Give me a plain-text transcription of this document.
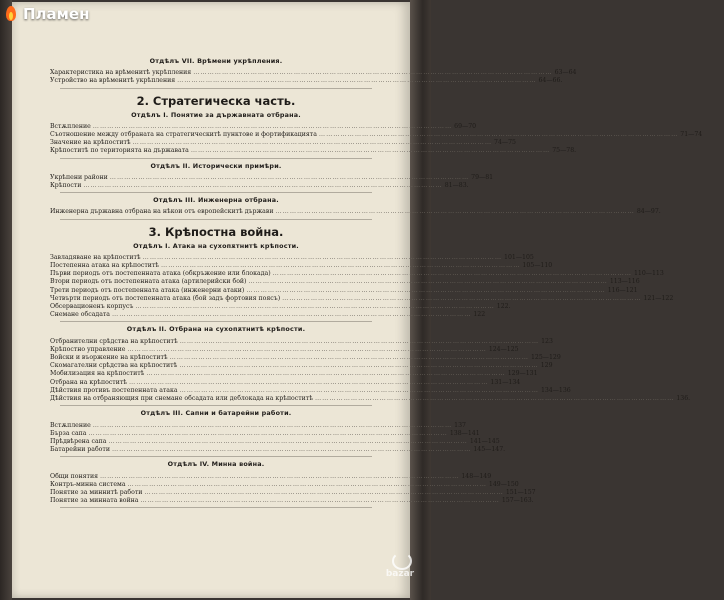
Пламен
Отдѣлъ VII. Врѣмени укрѣпления.
Характеристика на врѣменитѣ укрѣпления ……………………………………………………………………………………………………………………………………	63—64
Устройство на врѣменитѣ укрѣпления ……………………………………………………………………………………………………………………………………	64—66.
2. Стратегическа часть.
Отдѣлъ I. Понятие за държавната отбрана.
Встѫпление ……………………………………………………………………………………………………………………………………	69—70
Съотношение между отбраната на стратегическитѣ пунктове и фортификацията ……………………………………………………………………………………………………………………………………	71—74
Значение на крѣпоститѣ ……………………………………………………………………………………………………………………………………	74—75
Крѣпоститѣ по територията на държавата ……………………………………………………………………………………………………………………………………	75—78.
Отдѣлъ II. Исторически примѣри.
Укрѣпени райони ……………………………………………………………………………………………………………………………………	79—81
Крѣпости ……………………………………………………………………………………………………………………………………	81—83.
Отдѣлъ III. Инженерна отбрана.
Инженерна държавна отбрана на нѣкои отъ европейскитѣ държави ……………………………………………………………………………………………………………………………………	84—97.
3. Крѣпостна война.
Отдѣлъ I. Атака на сухопѫтнитѣ крѣпости.
Завладяване на крѣпоститѣ ……………………………………………………………………………………………………………………………………	101—105
Постепенна атака на крѣпоститѣ ……………………………………………………………………………………………………………………………………	105—110
Първи периодъ отъ постепенната атака (обкръжение или блокада) ……………………………………………………………………………………………………………………………………	110—113
Втори периодъ отъ постепенната атака (артилерийски бой) ……………………………………………………………………………………………………………………………………	113—116
Трети периодъ отъ постепенната атака (инженерни атаки) ……………………………………………………………………………………………………………………………………	116—121
Четвърти периодъ отъ постепенната атака (бой задъ фортовия поясъ) ……………………………………………………………………………………………………………………………………	121—122
Обсервационенъ корпусъ ……………………………………………………………………………………………………………………………………	122.
Снемане обсадата ……………………………………………………………………………………………………………………………………	122
Отдѣлъ II. Отбрана на сухопѫтнитѣ крѣпости.
Отбранителни срѣдства на крѣпоститѣ ……………………………………………………………………………………………………………………………………	123
Крѣпостно управление ……………………………………………………………………………………………………………………………………	124—125
Войски и въоржение на крѣпоститѣ ……………………………………………………………………………………………………………………………………	125—129
Скомагателни срѣдства на крѣпоститѣ ……………………………………………………………………………………………………………………………………	129
Мобилизация на крѣпоститѣ ……………………………………………………………………………………………………………………………………	129—131
Отбрана на крѣпоститѣ ……………………………………………………………………………………………………………………………………	131—134
Дѣйствия противъ постепенната атака ……………………………………………………………………………………………………………………………………	134—136
Дѣйствия на отбраняющия при снемане обсадата или деблокада на крѣпоститѣ ……………………………………………………………………………………………………………………………………	136.
Отдѣлъ III. Сапни и батарейни работи.
Встѫпление ……………………………………………………………………………………………………………………………………	137
Бърза сапа ……………………………………………………………………………………………………………………………………	138—141
Прѣдвѣрена сапа ……………………………………………………………………………………………………………………………………	141—145
Батарейни работи ……………………………………………………………………………………………………………………………………	145—147.
Отдѣлъ IV. Минна война.
Общи понятия ……………………………………………………………………………………………………………………………………	148—149
Контръ-минна система ……………………………………………………………………………………………………………………………………	149—150
Понятие за миннитѣ работи ……………………………………………………………………………………………………………………………………	151—157
Понятие за минната война ……………………………………………………………………………………………………………………………………	157—163.
bazar
